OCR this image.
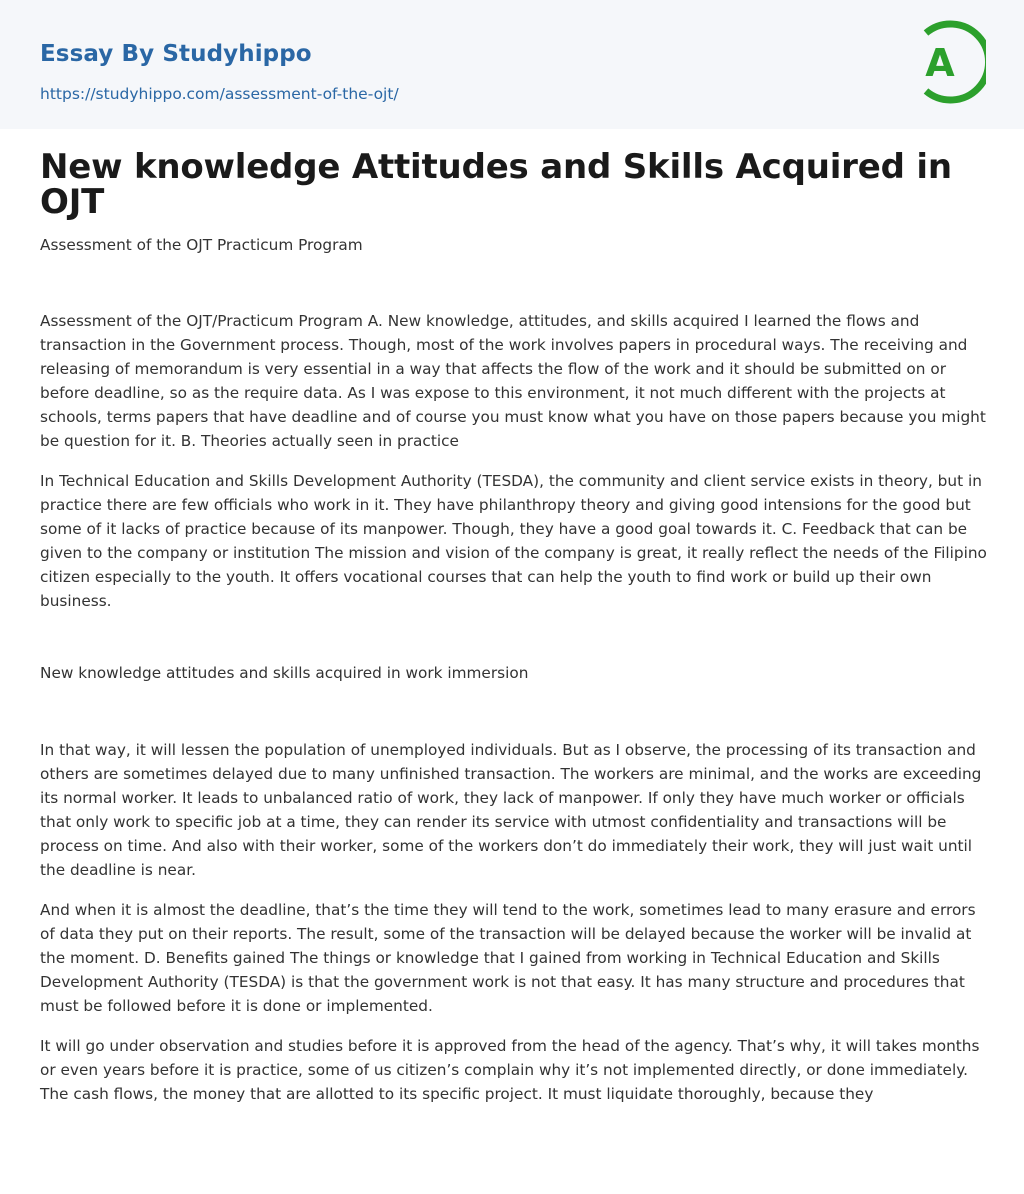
Essay By Studyhippo
https://studyhippo.com/assessment-of-the-ojt/
A
New knowledge Attitudes and Skills Acquired in OJT
Assessment of the OJT Practicum Program

Assessment of the OJT/Practicum Program A. New knowledge, attitudes, and skills acquired I learned the flows and transaction in the Government process. Though, most of the work involves papers in procedural ways. The receiving and releasing of memorandum is very essential in a way that affects the flow of the work and it should be submitted on or before deadline, so as the require data. As I was expose to this environment, it not much different with the projects at schools, terms papers that have deadline and of course you must know what you have on those papers because you might be question for it. B. Theories actually seen in practice

In Technical Education and Skills Development Authority (TESDA), the community and client service exists in theory, but in practice there are few officials who work in it. They have philanthropy theory and giving good intensions for the good but some of it lacks of practice because of its manpower. Though, they have a good goal towards it. C. Feedback that can be given to the company or institution The mission and vision of the company is great, it really reflect the needs of the Filipino citizen especially to the youth. It offers vocational courses that can help the youth to find work or build up their own business.

New knowledge attitudes and skills acquired in work immersion

In that way, it will lessen the population of unemployed individuals. But as I observe, the processing of its transaction and others are sometimes delayed due to many unfinished transaction. The workers are minimal, and the works are exceeding its normal worker. It leads to unbalanced ratio of work, they lack of manpower. If only they have much worker or officials that only work to specific job at a time, they can render its service with utmost confidentiality and transactions will be process on time. And also with their worker, some of the workers don’t do immediately their work, they will just wait until the deadline is near.

And when it is almost the deadline, that’s the time they will tend to the work, sometimes lead to many erasure and errors of data they put on their reports. The result, some of the transaction will be delayed because the worker will be invalid at the moment. D. Benefits gained The things or knowledge that I gained from working in Technical Education and Skills Development Authority (TESDA) is that the government work is not that easy. It has many structure and procedures that must be followed before it is done or implemented.

It will go under observation and studies before it is approved from the head of the agency. That’s why, it will takes months or even years before it is practice, some of us citizen’s complain why it’s not implemented directly, or done immediately. The cash flows, the money that are allotted to its specific project. It must liquidate thoroughly, because they
